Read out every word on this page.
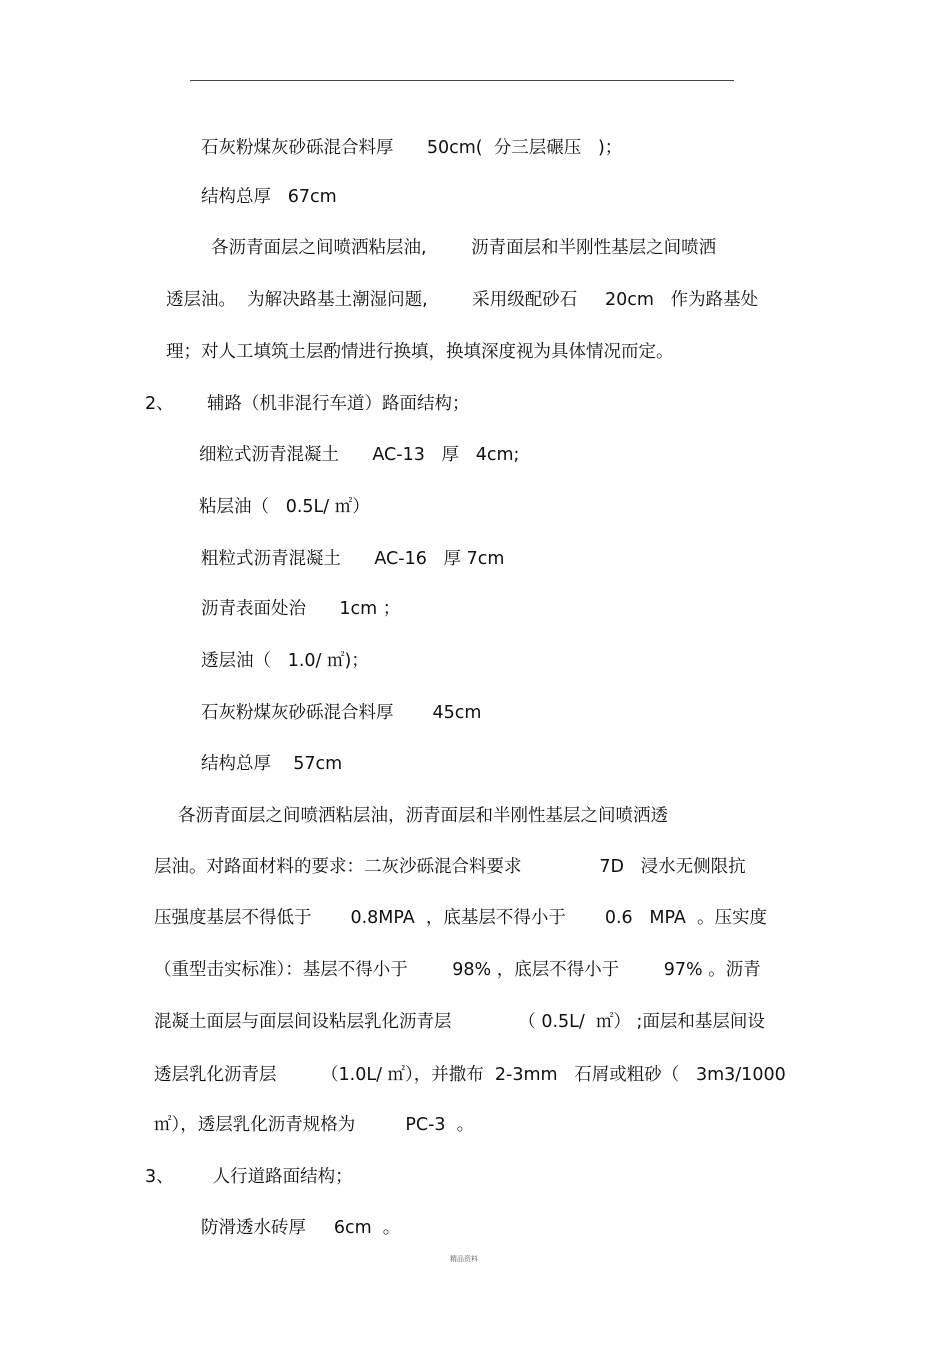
石灰粉煤灰砂砾混合料厚      50cm(  分三层碾压   )；
结构总厚   67cm
各沥青面层之间喷洒粘层油,        沥青面层和半刚性基层之间喷洒
透层油。  为解决路基土潮湿问题,        采用级配砂石     20cm   作为路基处
理；对人工填筑土层酌情进行换填，换填深度视为具体情况而定。
2、      辅路（机非混行车道）路面结构；
细粒式沥青混凝土      AC-13   厚   4cm;
粘层油（   0.5L/ ㎡）
粗粒式沥青混凝土      AC-16   厚 7cm
沥青表面处治      1cm ；
透层油（   1.0/ ㎡)；
石灰粉煤灰砂砾混合料厚       45cm
结构总厚    57cm
各沥青面层之间喷洒粘层油，沥青面层和半刚性基层之间喷洒透
层油。对路面材料的要求：二灰沙砾混合料要求              7D   浸水无侧限抗
压强度基层不得低于       0.8MPA  ，底基层不得小于       0.6   MPA  。压实度
（重型击实标准）：基层不得小于        98% ，底层不得小于        97% 。沥青
混凝土面层与面层间设粘层乳化沥青层            （ 0.5L/  ㎡） ;面层和基层间设
透层乳化沥青层        （1.0L/ ㎡），并撒布  2-3mm   石屑或粗砂（   3m3/1000
㎡），透层乳化沥青规格为         PC-3  。
3、       人行道路面结构；
防滑透水砖厚     6cm  。
精品资料
